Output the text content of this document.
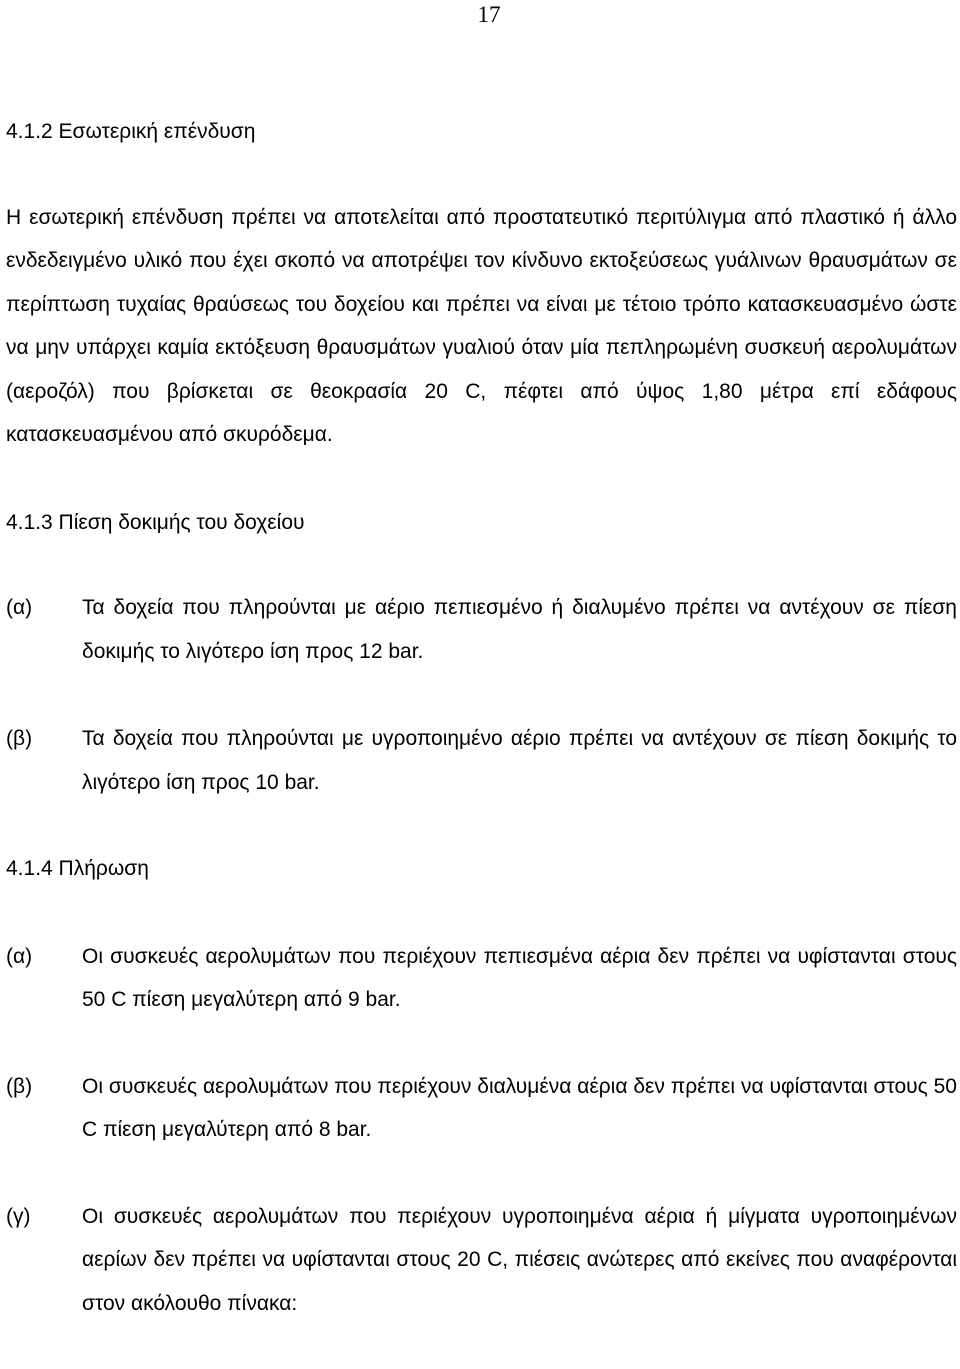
17
4.1.2 Εσωτερική επένδυση

Η εσωτερική επένδυση πρέπει να αποτελείται από προστατευτικό περιτύλιγμα από πλαστικό ή άλλο ενδεδειγμένο υλικό που έχει σκοπό να αποτρέψει τον κίνδυνο εκτοξεύσεως γυάλινων θραυσμάτων σε περίπτωση τυχαίας θραύσεως του δοχείου και πρέπει να είναι με τέτοιο τρόπο κατασκευασμένο ώστε να μην υπάρχει καμία εκτόξευση θραυσμάτων γυαλιού όταν μία πεπληρωμένη συσκευή αερολυμάτων (αεροζόλ) που βρίσκεται σε θεοκρασία 20 C, πέφτει από ύψος 1,80 μέτρα επί εδάφους κατασκευασμένου από σκυρόδεμα.

4.1.3 Πίεση δοκιμής του δοχείου
(α)	Τα δοχεία που πληρούνται με αέριο πεπιεσμένο ή διαλυμένο πρέπει να αντέχουν σε πίεση δοκιμής το λιγότερο ίση προς 12 bar.
(β)	Τα δοχεία που πληρούνται με υγροποιημένο αέριο πρέπει να αντέχουν σε πίεση δοκιμής το λιγότερο ίση προς 10 bar.
4.1.4 Πλήρωση
(α)	Οι συσκευές αερολυμάτων που περιέχουν πεπιεσμένα αέρια δεν πρέπει να υφίστανται στους 50 C πίεση μεγαλύτερη από 9 bar.
(β)	Οι συσκευές αερολυμάτων που περιέχουν διαλυμένα αέρια δεν πρέπει να υφίστανται στους 50 C πίεση μεγαλύτερη από 8 bar.
(γ)	Οι συσκευές αερολυμάτων που περιέχουν υγροποιημένα αέρια ή μίγματα υγροποιημένων αερίων δεν πρέπει να υφίστανται στους 20 C, πιέσεις ανώτερες από εκείνες που αναφέρονται στον ακόλουθο πίνακα:
